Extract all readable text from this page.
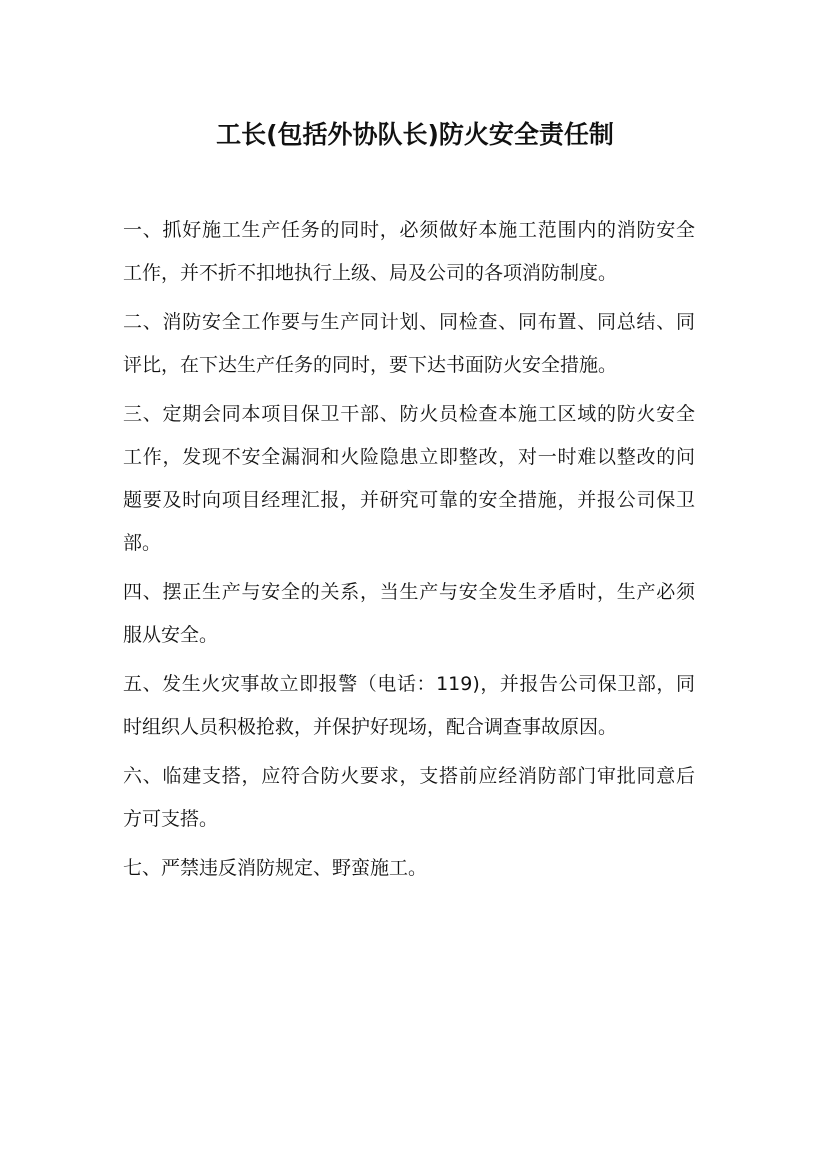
工长(包括外协队长)防火安全责任制
一、抓好施工生产任务的同时，必须做好本施工范围内的消防安全
工作，并不折不扣地执行上级、局及公司的各项消防制度。
二、消防安全工作要与生产同计划、同检查、同布置、同总结、同
评比，在下达生产任务的同时，要下达书面防火安全措施。
三、定期会同本项目保卫干部、防火员检查本施工区域的防火安全
工作，发现不安全漏洞和火险隐患立即整改，对一时难以整改的问
题要及时向项目经理汇报，并研究可靠的安全措施，并报公司保卫
部。
四、摆正生产与安全的关系，当生产与安全发生矛盾时，生产必须
服从安全。
五、发生火灾事故立即报警（电话：119)，并报告公司保卫部，同
时组织人员积极抢救，并保护好现场，配合调查事故原因。
六、临建支搭，应符合防火要求，支搭前应经消防部门审批同意后
方可支搭。
七、严禁违反消防规定、野蛮施工。
